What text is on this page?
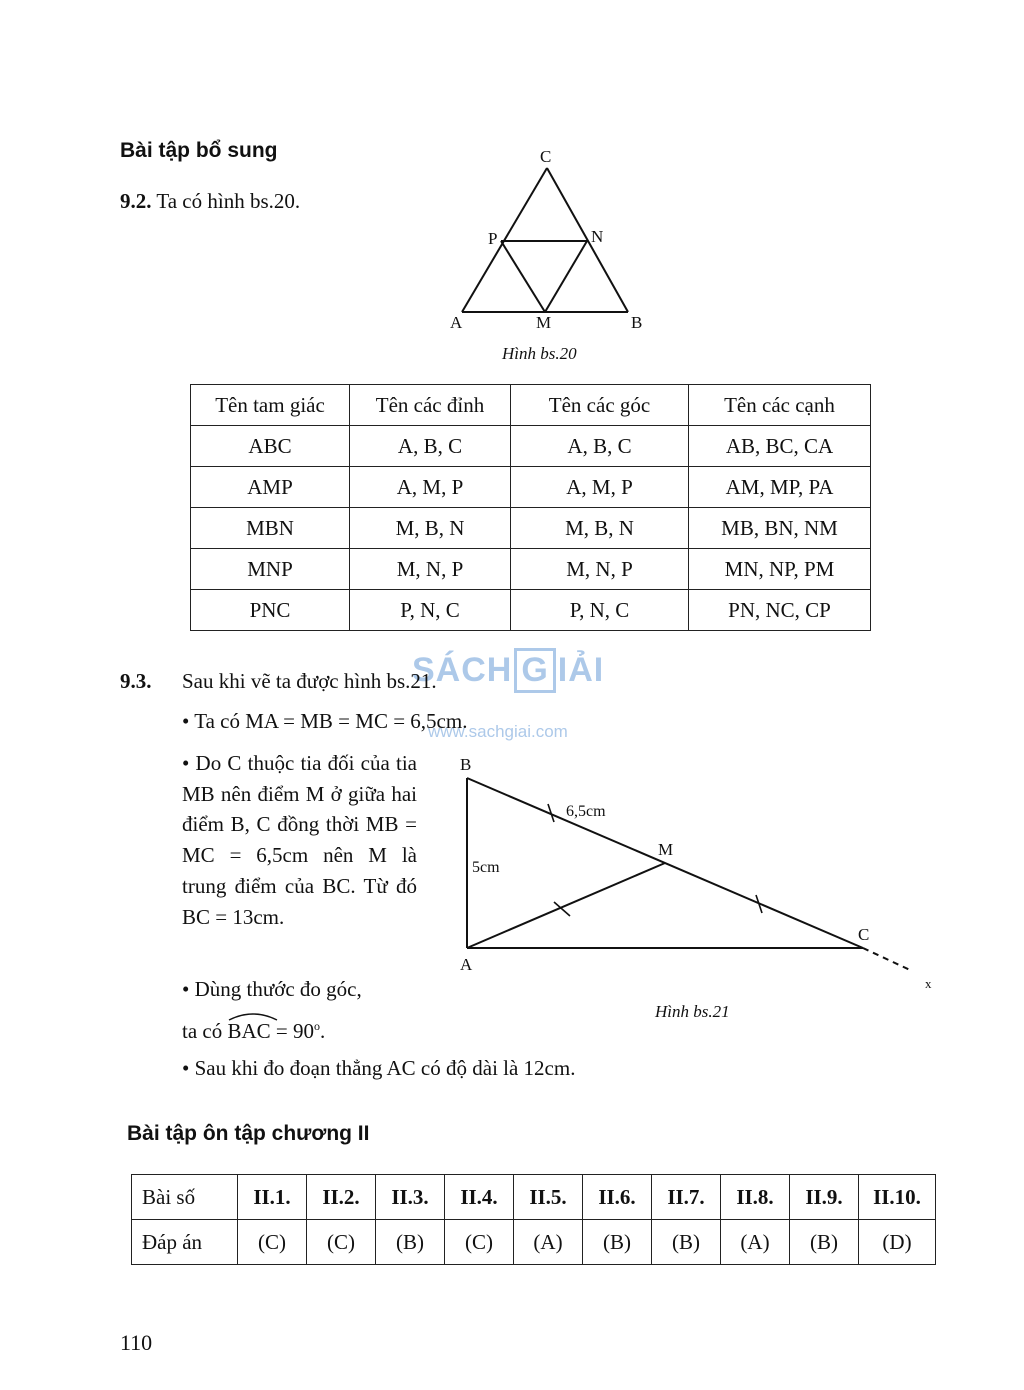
Bài tập bổ sung
9.2. Ta có hình bs.20.
C
P	N
A	M	B
Hình bs.20
Tên tam giác	Tên các đỉnh	Tên các góc	Tên các cạnh
ABC	A, B, C	A, B, C	AB, BC, CA
AMP	A, M, P	A, M, P	AM, MP, PA
MBN	M, B, N	M, B, N	MB, BN, NM
MNP	M, N, P	M, N, P	MN, NP, PM
PNC	P, N, C	P, N, C	PN, NC, CP
SÁCH G IẢI
www.sachgiai.com
9.3. Sau khi vẽ ta được hình bs.21.
• Ta có MA = MB = MC = 6,5cm.
• Do C thuộc tia đối của tia MB nên điểm M ở giữa hai điểm B, C đồng thời MB = MC = 6,5cm nên M là trung điểm của BC. Từ đó BC = 13cm.
• Dùng thước đo góc,
ta có BAC = $90^o$.
• Sau khi đo đoạn thẳng AC có độ dài là 12cm.
B
M
A
C
x
6,5cm
5cm
Hình bs.21
Bài tập ôn tập chương II
Bài số	II.1.	II.2.	II.3.	II.4.	II.5.	II.6.	II.7.	II.8.	II.9.	II.10.
Đáp án	(C)	(C)	(B)	(C)	(A)	(B)	(B)	(A)	(B)	(D)
110
